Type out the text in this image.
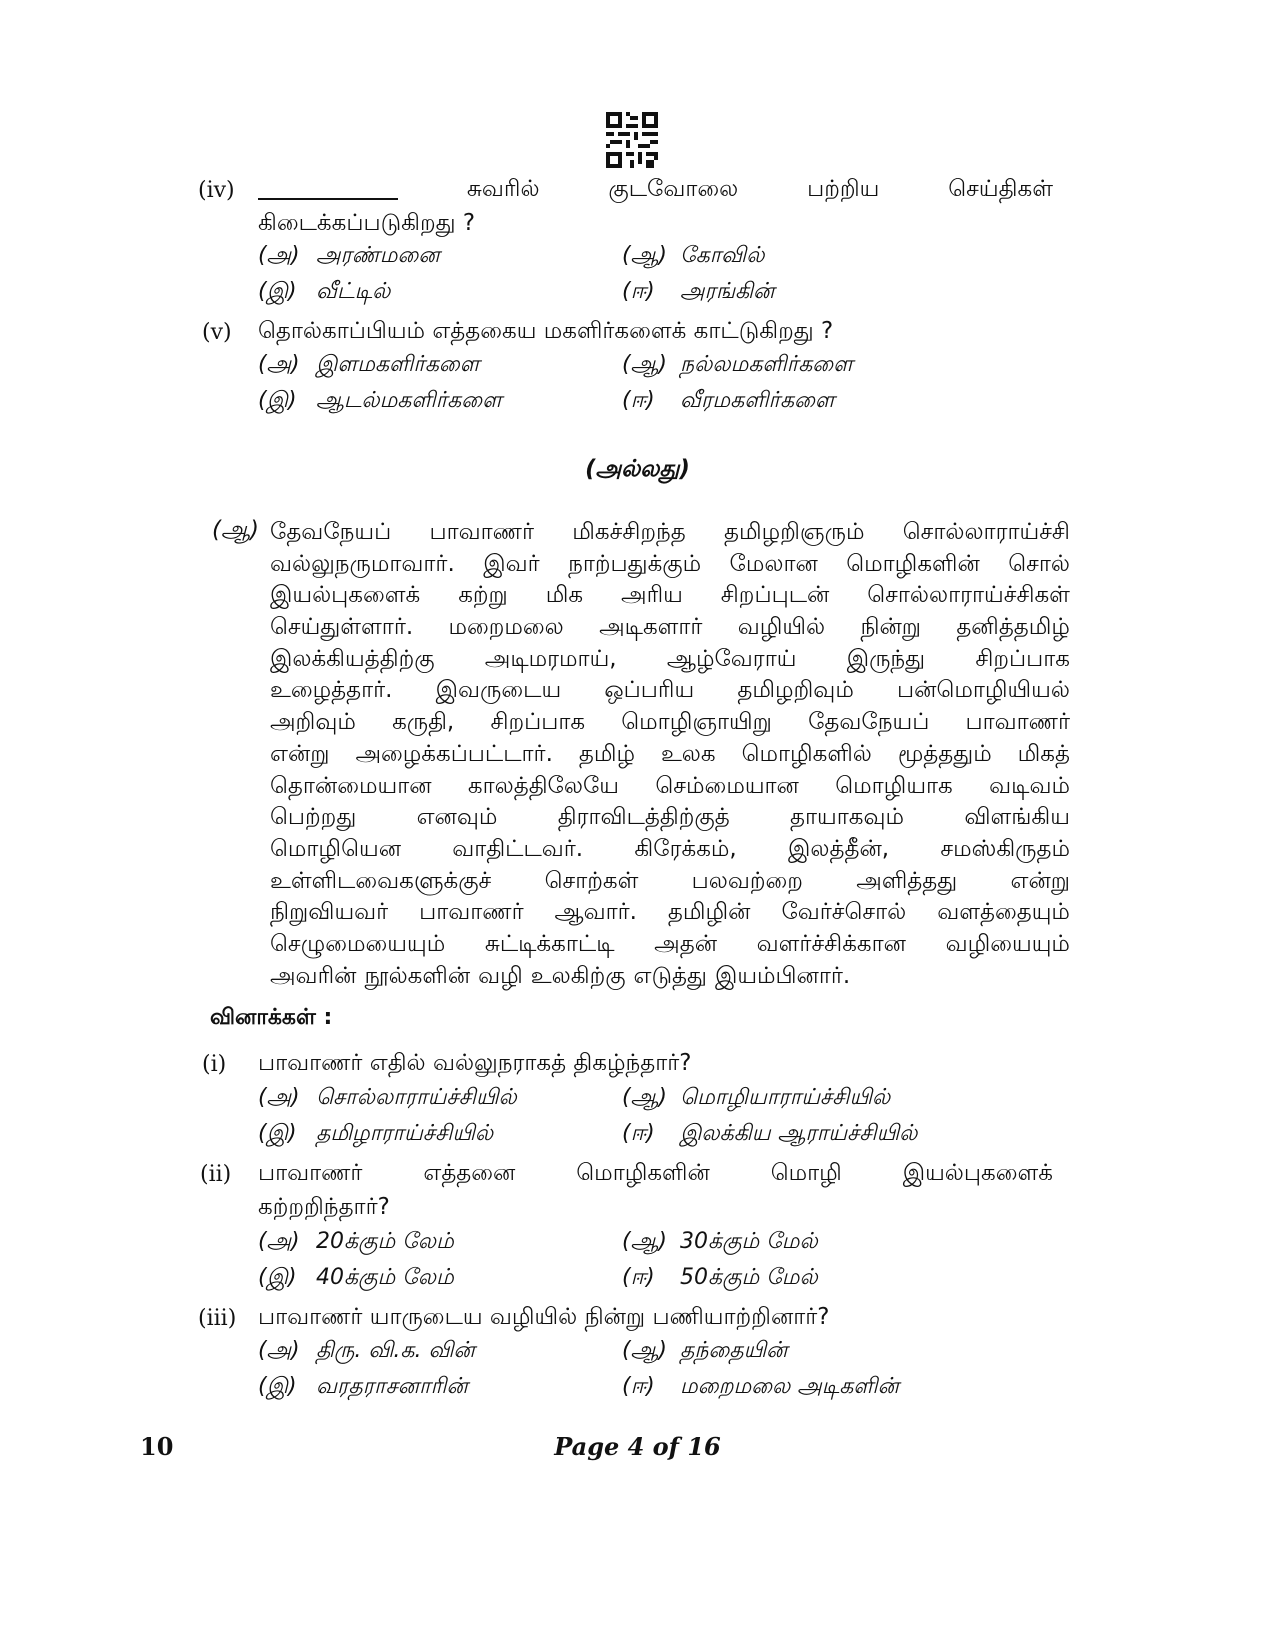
(iv)	சுவரில்	குடவோலை	பற்றிய	செய்திகள்
கிடைக்கப்படுகிறது ?
(அ) அரண்மனை	(ஆ) கோவில்
(இ) வீட்டில்	(ஈ) அரங்கின்
(v) தொல்காப்பியம் எத்தகைய மகளிர்களைக் காட்டுகிறது ?
(அ) இளமகளிர்களை	(ஆ) நல்லமகளிர்களை
(இ) ஆடல்மகளிர்களை	(ஈ) வீரமகளிர்களை
(அல்லது)
(ஆ) தேவநேயப் பாவாணர் மிகச்சிறந்த தமிழறிஞரும் சொல்லாராய்ச்சி
வல்லுநருமாவார். இவர் நாற்பதுக்கும் மேலான மொழிகளின் சொல்
இயல்புகளைக் கற்று மிக அரிய சிறப்புடன் சொல்லாராய்ச்சிகள்
செய்துள்ளார். மறைமலை அடிகளார் வழியில் நின்று தனித்தமிழ்
இலக்கியத்திற்கு அடிமரமாய், ஆழ்வேராய் இருந்து சிறப்பாக
உழைத்தார். இவருடைய ஒப்பரிய தமிழறிவும் பன்மொழியியல்
அறிவும் கருதி, சிறப்பாக மொழிஞாயிறு தேவநேயப் பாவாணர்
என்று அழைக்கப்பட்டார். தமிழ் உலக மொழிகளில் மூத்ததும் மிகத்
தொன்மையான காலத்திலேயே செம்மையான மொழியாக வடிவம்
பெற்றது	எனவும்	திராவிடத்திற்குத்	தாயாகவும்	விளங்கிய
மொழியென வாதிட்டவர். கிரேக்கம், இலத்தீன், சமஸ்கிருதம்
உள்ளிடவைகளுக்குச் சொற்கள் பலவற்றை அளித்தது என்று
நிறுவியவர் பாவாணர் ஆவார். தமிழின் வேர்ச்சொல் வளத்தையும்
செழுமையையும் சுட்டிக்காட்டி அதன் வளர்ச்சிக்கான வழியையும்
அவரின் நூல்களின் வழி உலகிற்கு எடுத்து இயம்பினார்.
வினாக்கள் :
(i) பாவாணர் எதில் வல்லுநராகத் திகழ்ந்தார்?
(அ) சொல்லாராய்ச்சியில்	(ஆ) மொழியாராய்ச்சியில்
(இ) தமிழாராய்ச்சியில்	(ஈ) இலக்கிய ஆராய்ச்சியில்
(ii) பாவாணர்	எத்தனை	மொழிகளின்	மொழி	இயல்புகளைக்
கற்றறிந்தார்?
(அ) 20க்கும் லேம்	(ஆ) 30க்கும் மேல்
(இ) 40க்கும் லேம்	(ஈ) 50க்கும் மேல்
(iii) பாவாணர் யாருடைய வழியில் நின்று பணியாற்றினார்?
(அ) திரு. வி.க. வின்	(ஆ) தந்தையின்
(இ) வரதராசனாரின்	(ஈ) மறைமலை அடிகளின்
10	Page 4 of 16
